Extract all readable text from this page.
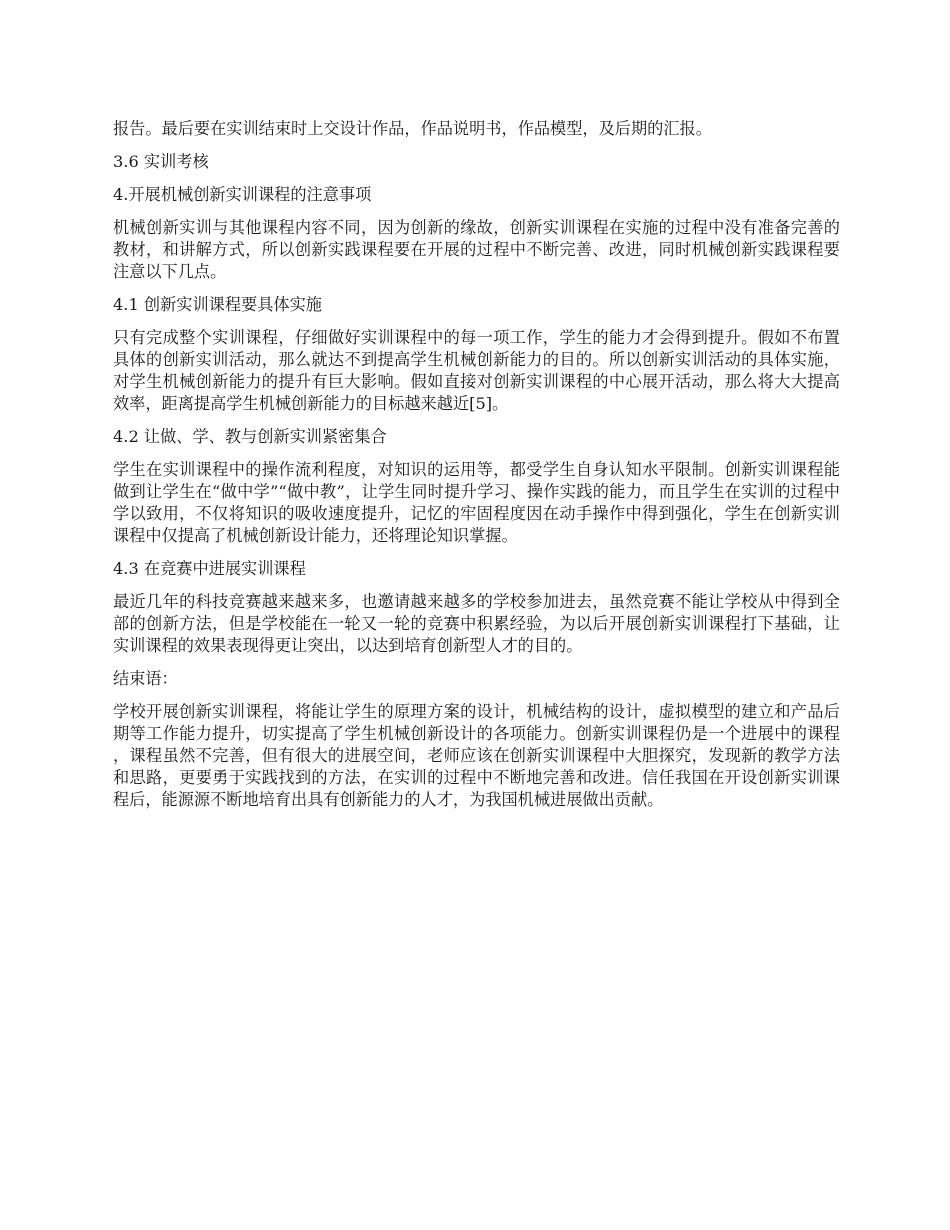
报告。最后要在实训结束时上交设计作品，作品说明书，作品模型，及后期的汇报。

3.6 实训考核

4.开展机械创新实训课程的注意事项

机械创新实训与其他课程内容不同，因为创新的缘故，创新实训课程在实施的过程中没有准备完善的教材，和讲解方式，所以创新实践课程要在开展的过程中不断完善、改进，同时机械创新实践课程要注意以下几点。

4.1 创新实训课程要具体实施

只有完成整个实训课程，仔细做好实训课程中的每一项工作，学生的能力才会得到提升。假如不布置具体的创新实训活动，那么就达不到提高学生机械创新能力的目的。所以创新实训活动的具体实施，对学生机械创新能力的提升有巨大影响。假如直接对创新实训课程的中心展开活动，那么将大大提高效率，距离提高学生机械创新能力的目标越来越近[5]。

4.2 让做、学、教与创新实训紧密集合

学生在实训课程中的操作流利程度，对知识的运用等，都受学生自身认知水平限制。创新实训课程能做到让学生在“做中学”“做中教”，让学生同时提升学习、操作实践的能力，而且学生在实训的过程中学以致用，不仅将知识的吸收速度提升，记忆的牢固程度因在动手操作中得到强化，学生在创新实训课程中仅提高了机械创新设计能力，还将理论知识掌握。

4.3 在竞赛中进展实训课程

最近几年的科技竞赛越来越来多，也邀请越来越多的学校参加进去，虽然竞赛不能让学校从中得到全部的创新方法，但是学校能在一轮又一轮的竞赛中积累经验，为以后开展创新实训课程打下基础，让实训课程的效果表现得更让突出，以达到培育创新型人才的目的。

结束语：

学校开展创新实训课程，将能让学生的原理方案的设计，机械结构的设计，虚拟模型的建立和产品后期等工作能力提升，切实提高了学生机械创新设计的各项能力。创新实训课程仍是一个进展中的课程，课程虽然不完善，但有很大的进展空间，老师应该在创新实训课程中大胆探究，发现新的教学方法和思路，更要勇于实践找到的方法，在实训的过程中不断地完善和改进。信任我国在开设创新实训课程后，能源源不断地培育出具有创新能力的人才，为我国机械进展做出贡献。
